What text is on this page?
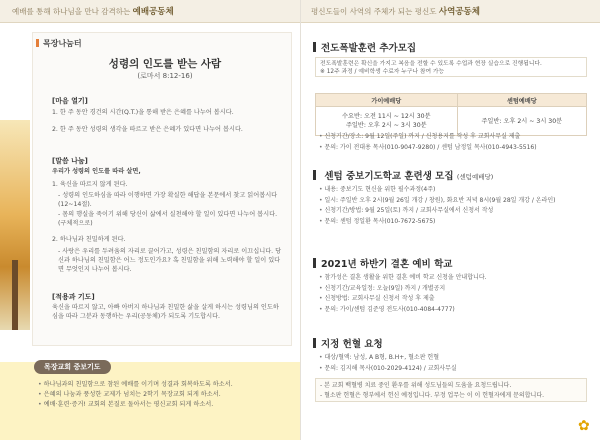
예배를 통해 하나님을 만나 감격하는 예배공동체
목장나눔터
성령의 인도를 받는 사람
(로마서 8:12-16)
[마음 열기]
1. 한 주 동안 경건의 시간(Q.T.)을 통해 받은 은혜를 나누어 봅시다.
2. 한 주 동안 성령의 생각을 따르고 받은 은혜가 있다면 나누어 봅시다.
[말씀 나눔]
우리가 성령의 인도를 따라 살면,
1. 육신을 따르지 않게 된다.
- 성령의 인도하심을 따라 이행하면 가장 확실한 해답을 본문에서 찾고 읽어봅시다(12~14절).
- 몸의 행실을 죽이기 위해 당신이 삶에서 실천해야 할 일이 있다면 나누어 봅시다. (구체적으로)
2. 하나님과 친밀하게 된다.
- 사랑은 우리를 두려움의 자리로 끌어가고, 성령은 친밀함의 자리로 이끄십니다. 당신과 하나님의 친밀함은 어느 정도인가요? 혹 친밀함을 위해 노력해야 할 일이 있다면 무엇인지 나누어 봅시다.
[적용과 기도]
육신을 따르지 않고, 아빠 아버지 하나님과 친밀한 삶을 살게 하시는 성령님의 인도하심을 따라 그분과 동행하는 우리(공동체)가 되도록 기도합시다.
목장교회 중보기도
• 하나님과의 친밀함으로 참된 예배를 이기며 성결과 회복하도록 하소서.
• 은혜의 나눔과 풍성한 교제가 넘치는 2학기 목장교회 되게 하소서.
• 예배·훈련·증거! 교회의 본질로 돌아서는 평신교회 되게 하소서.
평신도들이 사역의 주체가 되는 평신도 사역공동체
전도폭발훈련 추가모집
전도폭발훈련은 확신을 가지고 복음을 전할 수 있도록 수업과 현장 실습으로 진행됩니다.
※ 12주 과정 / 예비학생 수료자 누구나 참여 가능
가이예배당	센텀예배당

수요반: 오전 11시 ~ 12시 30분
주일반: 오후 2시 ~ 3시 30분	주일반: 오후 2시 ~ 3시 30분
• 신청기간/장소: 9월 12일(주일) 까지 / 신청용지를 작성 후 교회사무실 제출
• 문의: 가이 전대용 목사(010-9047-9280) / 센텀 남정일 목사(010-4943-5516)
센텀 중보기도학교 훈련생 모집 (센텀예배당)
• 내용: 중보기도 현신을 위한 필수과정(4주)
• 일시: 주일반 오후 2시(9월 26일 개강 / 창원), 화요반 저녁 8시(9월 28일 개강 / 온라인)
• 신청기간/방법: 9월 25일(토) 까지 / 교회사무실에서 신청서 작성
• 문의: 센텀 정일환 목사(010-7672-5675)
2021년 하반기 결혼 예비 학교
• 참가성은 결혼 생활을 위한 결혼 예비 학교 신청을 안내합니다.
• 신청기간/교육일정: 오늘(9일) 까지 / 개별공지
• 신청방법: 교회사무실 신청서 작성 후 제출
• 문의: 가이/센텀 김준영 전도사(010-4084-4777)
지정 헌혈 요청
• 대상/혈액: 남성, A B형, B.H+, 혈소판 헌혈
• 문의: 김지해 목사(010-2029-4124) / 교회사무실
- 본 교회 백혈병 치료 중인 환우를 위해 성도님들의 도움을 요청드립니다.
- 혈소판 헌혈은 형부에서 헌신 예정입니다. 부정 업무는 이 이 헌혈자에게 문의합니다.
✿
